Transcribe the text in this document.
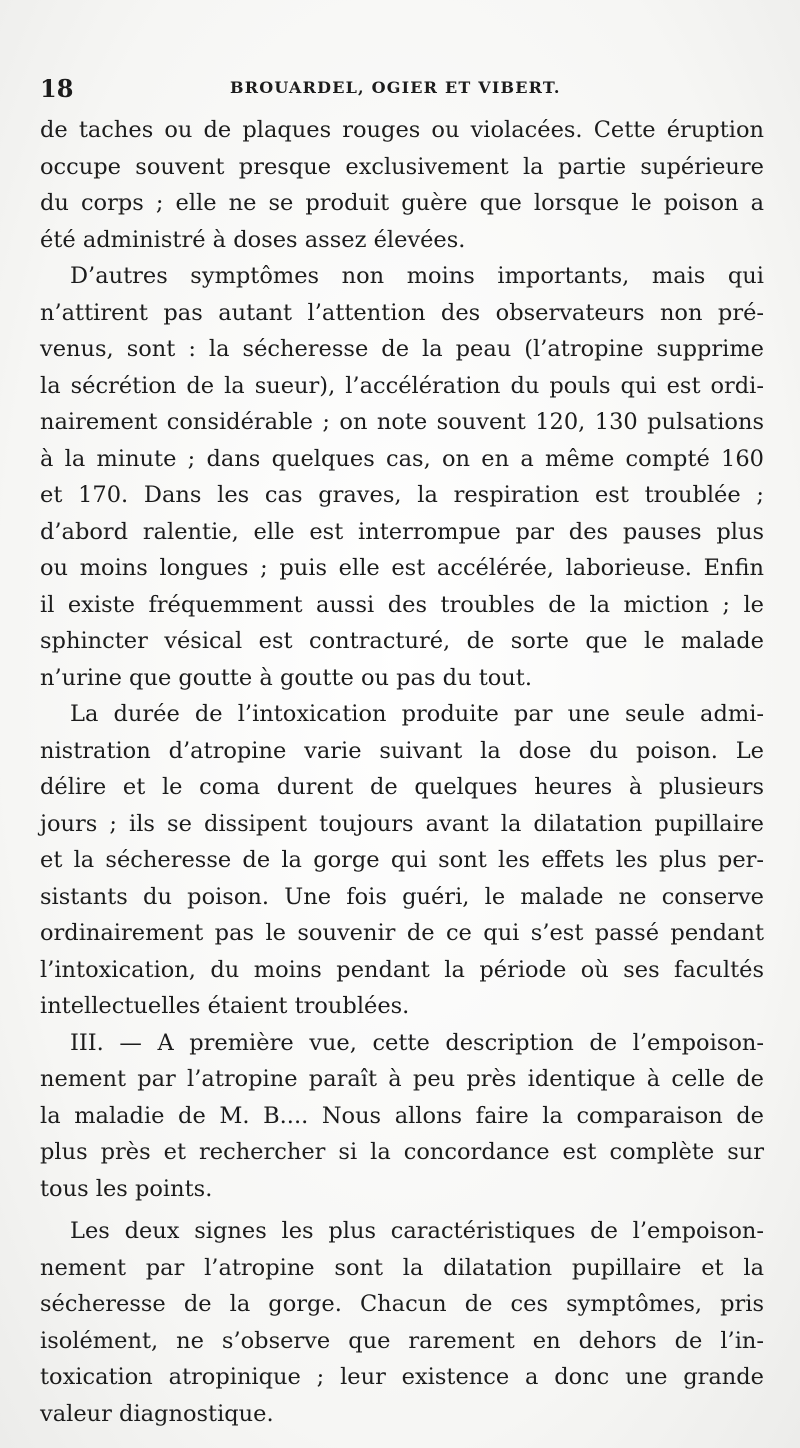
18	BROUARDEL, OGIER ET VIBERT.
de taches ou de plaques rouges ou violacées. Cette éruption
occupe souvent presque exclusivement la partie supérieure
du corps ; elle ne se produit guère que lorsque le poison a
été administré à doses assez élevées.
D’autres symptômes non moins importants, mais qui
n’attirent pas autant l’attention des observateurs non pré-
venus, sont : la sécheresse de la peau (l’atropine supprime
la sécrétion de la sueur), l’accélération du pouls qui est ordi-
nairement considérable ; on note souvent 120, 130 pulsations
à la minute ; dans quelques cas, on en a même compté 160
et 170. Dans les cas graves, la respiration est troublée ;
d’abord ralentie, elle est interrompue par des pauses plus
ou moins longues ; puis elle est accélérée, laborieuse. Enfin
il existe fréquemment aussi des troubles de la miction ; le
sphincter vésical est contracturé, de sorte que le malade
n’urine que goutte à goutte ou pas du tout.
La durée de l’intoxication produite par une seule admi-
nistration d’atropine varie suivant la dose du poison. Le
délire et le coma durent de quelques heures à plusieurs
jours ; ils se dissipent toujours avant la dilatation pupillaire
et la sécheresse de la gorge qui sont les effets les plus per-
sistants du poison. Une fois guéri, le malade ne conserve
ordinairement pas le souvenir de ce qui s’est passé pendant
l’intoxication, du moins pendant la période où ses facultés
intellectuelles étaient troublées.
III. — A première vue, cette description de l’empoison-
nement par l’atropine paraît à peu près identique à celle de
la maladie de M. B.... Nous allons faire la comparaison de
plus près et rechercher si la concordance est complète sur
tous les points.
Les deux signes les plus caractéristiques de l’empoison-
nement par l’atropine sont la dilatation pupillaire et la
sécheresse de la gorge. Chacun de ces symptômes, pris
isolément, ne s’observe que rarement en dehors de l’in-
toxication atropinique ; leur existence a donc une grande
valeur diagnostique.
